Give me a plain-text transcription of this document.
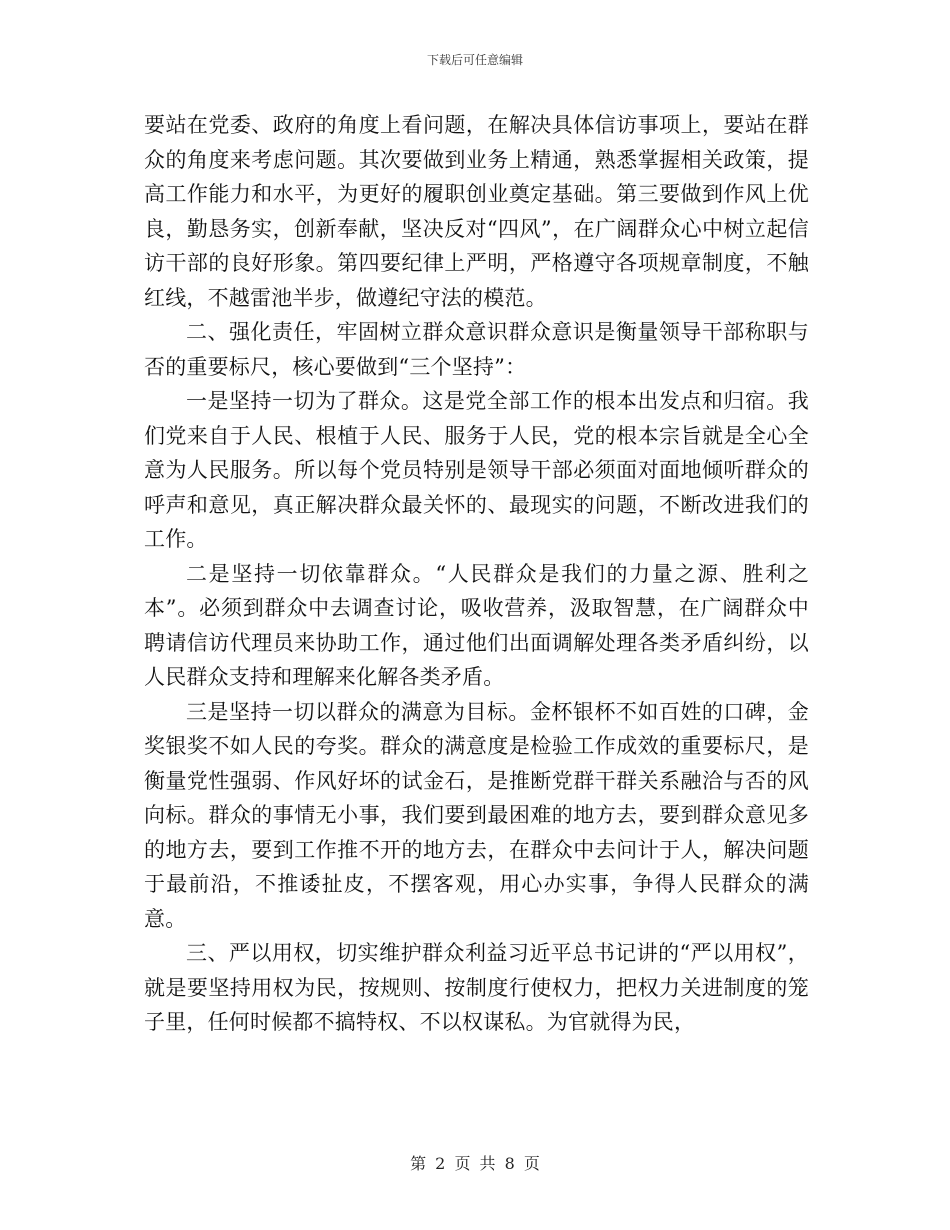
下载后可任意编辑

要站在党委、政府的角度上看问题，在解决具体信访事项上，要站在群众的角度来考虑问题。其次要做到业务上精通，熟悉掌握相关政策，提高工作能力和水平，为更好的履职创业奠定基础。第三要做到作风上优良，勤恳务实，创新奉献，坚决反对“四风”，在广阔群众心中树立起信访干部的良好形象。第四要纪律上严明，严格遵守各项规章制度，不触红线，不越雷池半步，做遵纪守法的模范。

二、强化责任，牢固树立群众意识群众意识是衡量领导干部称职与否的重要标尺，核心要做到“三个坚持”：

一是坚持一切为了群众。这是党全部工作的根本出发点和归宿。我们党来自于人民、根植于人民、服务于人民，党的根本宗旨就是全心全意为人民服务。所以每个党员特别是领导干部必须面对面地倾听群众的呼声和意见，真正解决群众最关怀的、最现实的问题，不断改进我们的工作。

二是坚持一切依靠群众。“人民群众是我们的力量之源、胜利之本”。必须到群众中去调查讨论，吸收营养，汲取智慧，在广阔群众中聘请信访代理员来协助工作，通过他们出面调解处理各类矛盾纠纷，以人民群众支持和理解来化解各类矛盾。

三是坚持一切以群众的满意为目标。金杯银杯不如百姓的口碑，金奖银奖不如人民的夸奖。群众的满意度是检验工作成效的重要标尺，是衡量党性强弱、作风好坏的试金石，是推断党群干群关系融洽与否的风向标。群众的事情无小事，我们要到最困难的地方去，要到群众意见多的地方去，要到工作推不开的地方去，在群众中去问计于人，解决问题于最前沿，不推诿扯皮，不摆客观，用心办实事，争得人民群众的满意。

三、严以用权，切实维护群众利益习近平总书记讲的“严以用权”，就是要坚持用权为民，按规则、按制度行使权力，把权力关进制度的笼子里，任何时候都不搞特权、不以权谋私。为官就得为民，

第 2 页 共 8 页
